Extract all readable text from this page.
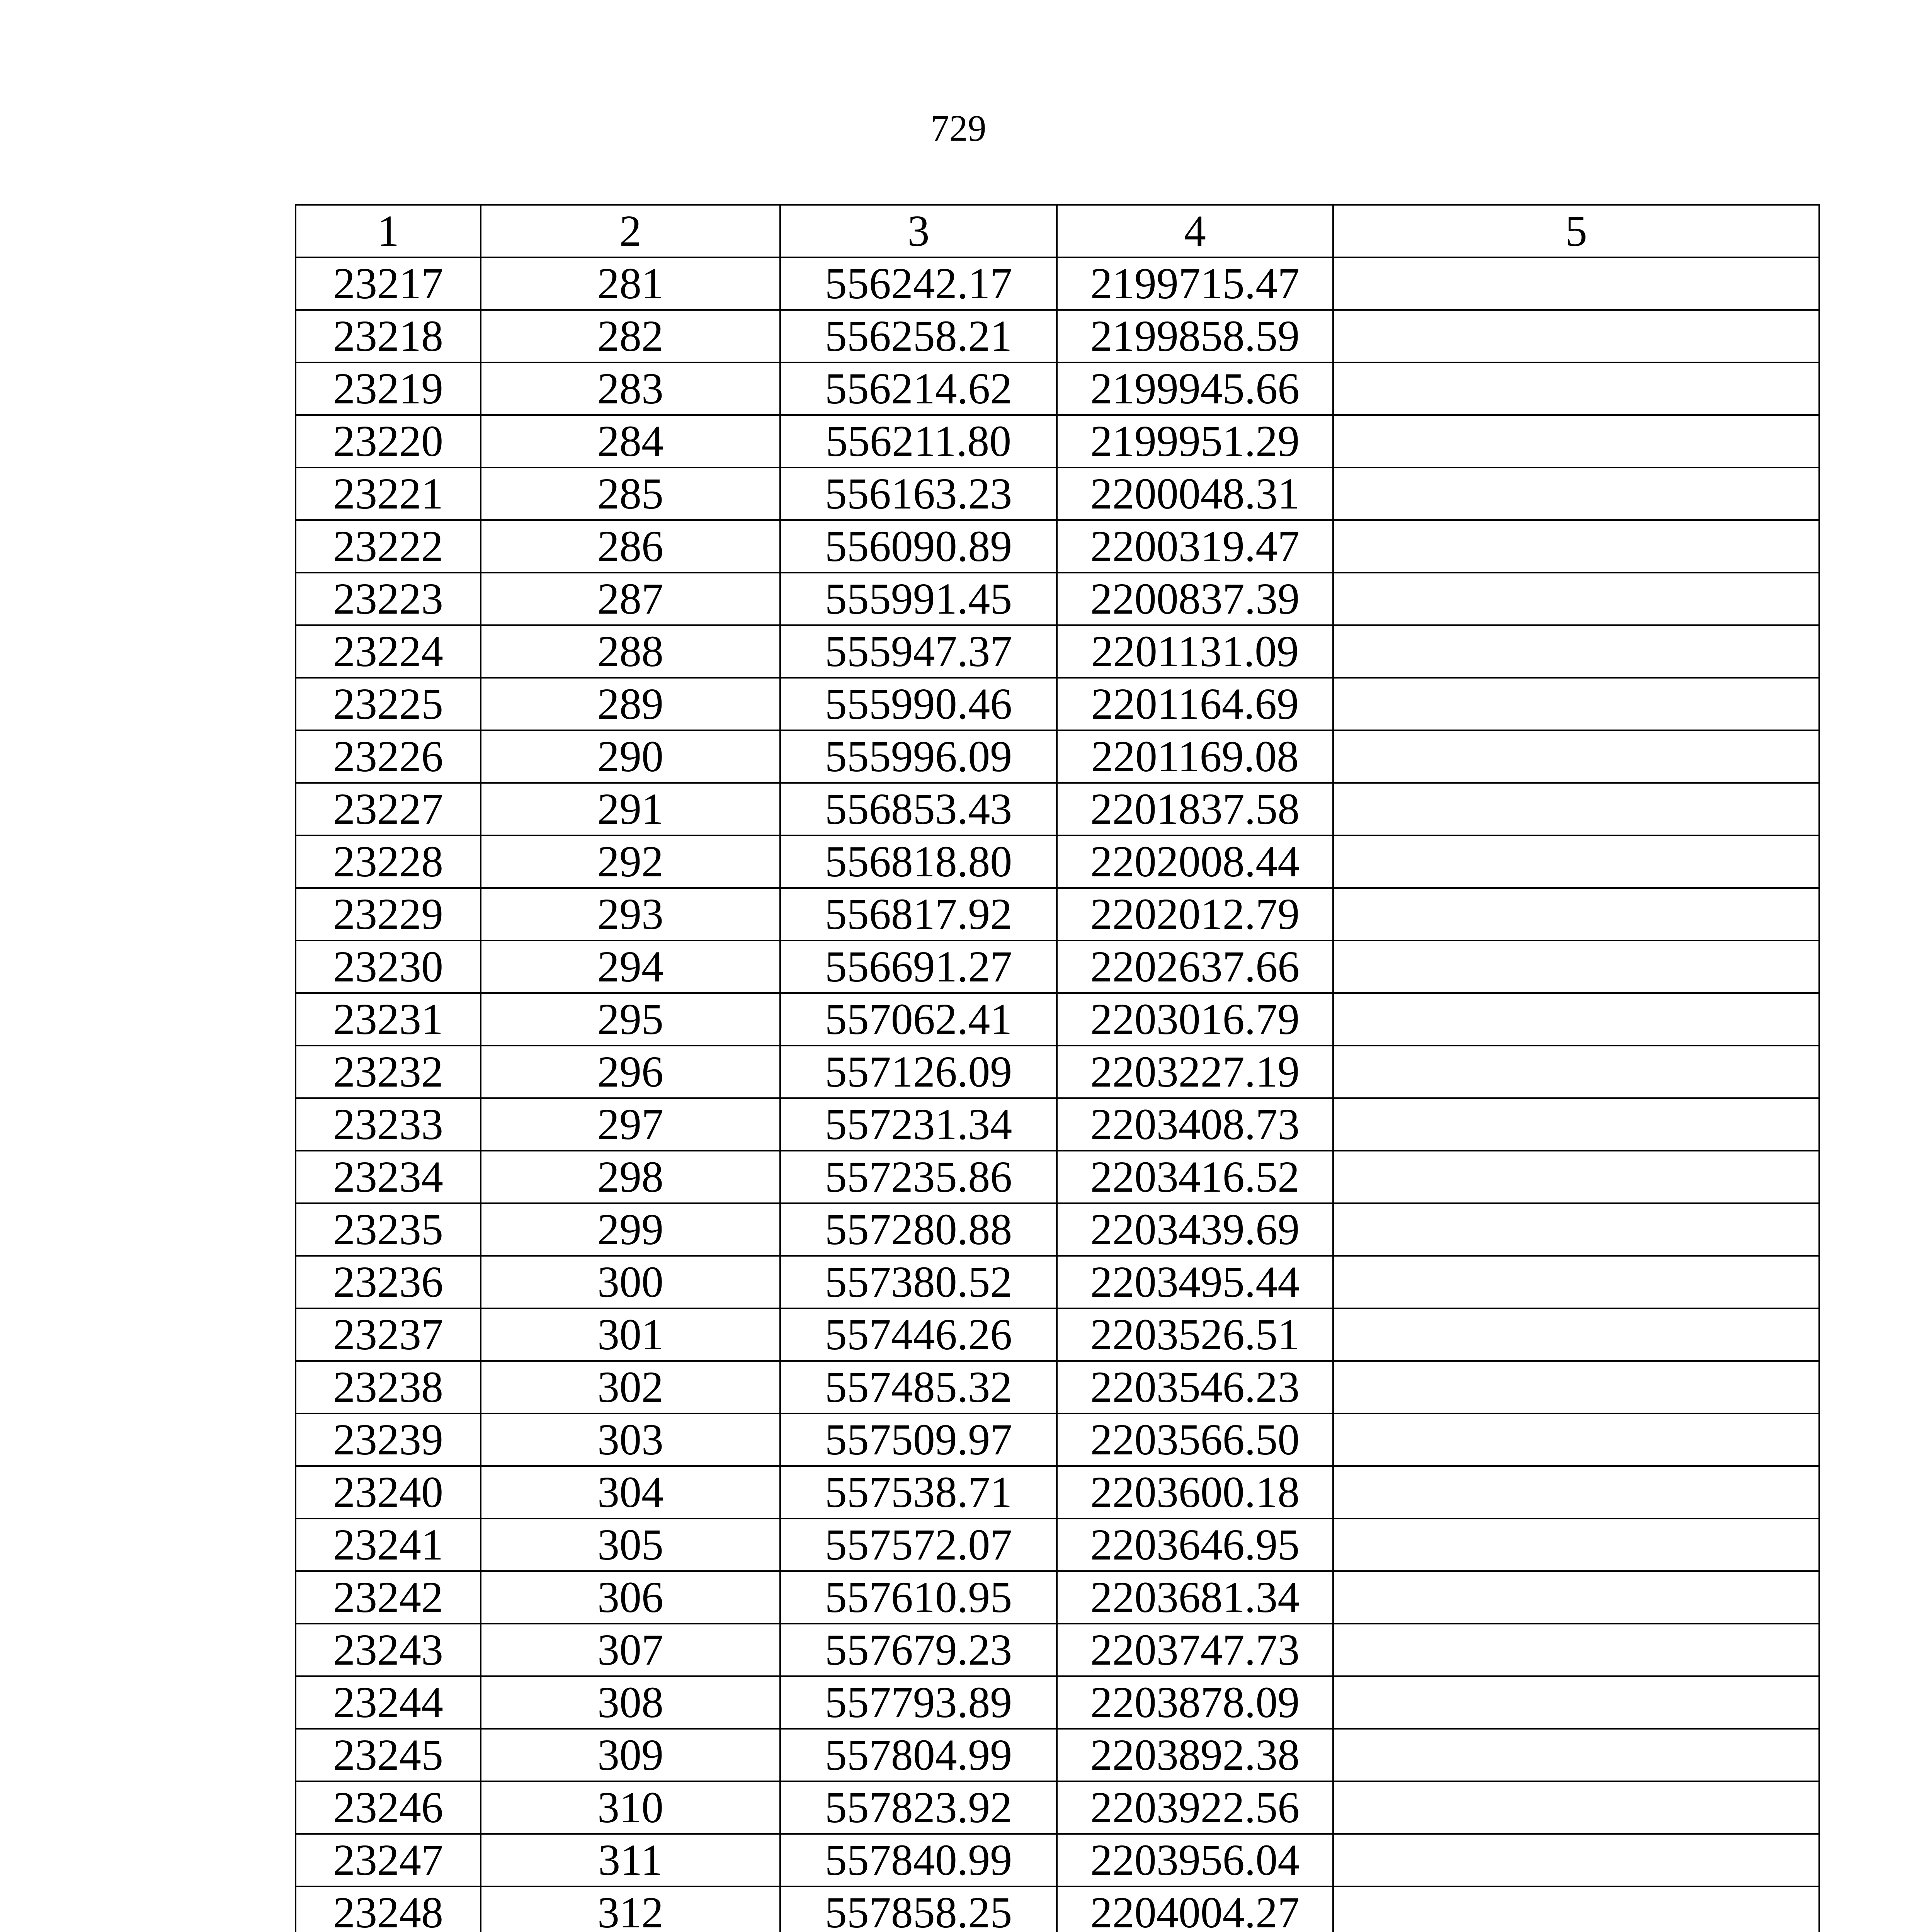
729
1	2	3	4	5
23217	281	556242.17	2199715.47	
23218	282	556258.21	2199858.59	
23219	283	556214.62	2199945.66	
23220	284	556211.80	2199951.29	
23221	285	556163.23	2200048.31	
23222	286	556090.89	2200319.47	
23223	287	555991.45	2200837.39	
23224	288	555947.37	2201131.09	
23225	289	555990.46	2201164.69	
23226	290	555996.09	2201169.08	
23227	291	556853.43	2201837.58	
23228	292	556818.80	2202008.44	
23229	293	556817.92	2202012.79	
23230	294	556691.27	2202637.66	
23231	295	557062.41	2203016.79	
23232	296	557126.09	2203227.19	
23233	297	557231.34	2203408.73	
23234	298	557235.86	2203416.52	
23235	299	557280.88	2203439.69	
23236	300	557380.52	2203495.44	
23237	301	557446.26	2203526.51	
23238	302	557485.32	2203546.23	
23239	303	557509.97	2203566.50	
23240	304	557538.71	2203600.18	
23241	305	557572.07	2203646.95	
23242	306	557610.95	2203681.34	
23243	307	557679.23	2203747.73	
23244	308	557793.89	2203878.09	
23245	309	557804.99	2203892.38	
23246	310	557823.92	2203922.56	
23247	311	557840.99	2203956.04	
23248	312	557858.25	2204004.27	
